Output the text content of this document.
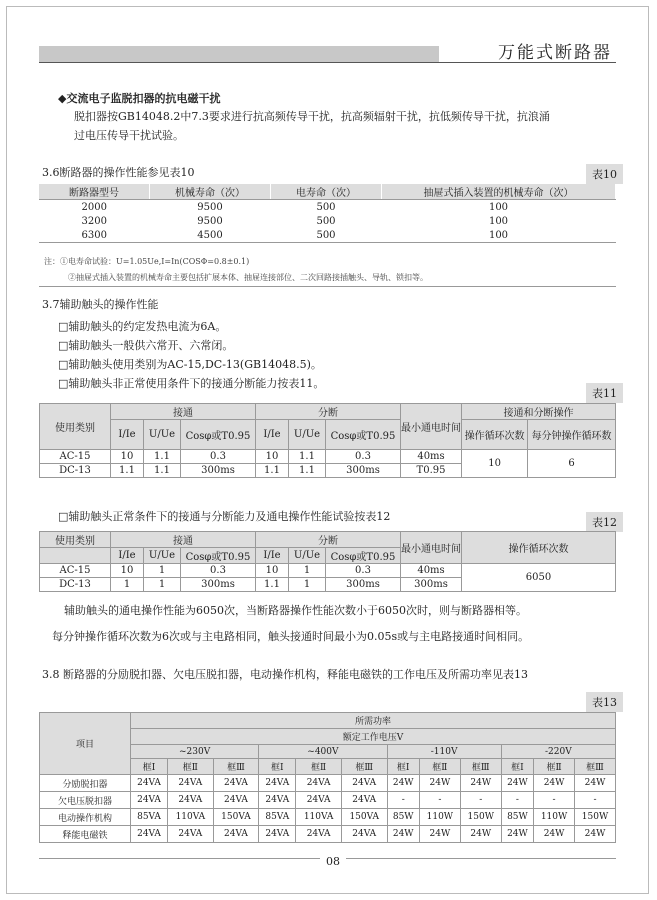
万能式断路器
◆交流电子监脱扣器的抗电磁干扰
脱扣器按GB14048.2中7.3要求进行抗高频传导干扰，抗高频辐射干扰，抗低频传导干扰，抗浪涌
过电压传导干扰试验。
3.6断路器的操作性能参见表10	表10
断路器型号	机械寿命（次）	电寿命（次）	抽屉式插入装置的机械寿命（次）
2000	9500	500	100
3200	9500	500	100
6300	4500	500	100
注：①电寿命试验：U=1.05Ue,I=In(COSΦ=0.8±0.1)
②抽屉式插入装置的机械寿命主要包括扩展本体、抽屉连接部位、二次回路接插触头、导轨、锁扣等。
3.7辅助触头的操作性能
□辅助触头的约定发热电流为6A。
□辅助触头一般供六常开、六常闭。
□辅助触头使用类别为AC-15,DC-13(GB14048.5)。
□辅助触头非正常使用条件下的接通分断能力按表11。
表11
使用类别	接通			分断			最小通电时间	接通和分断操作	
	I/Ie	U/Ue	Cosφ或T0.95	I/Ie	U/Ue	Cosφ或T0.95		操作循环次数	每分钟操作循环数
AC-15	10	1.1	0.3	10	1.1	0.3	40ms	10	6
DC-13	1.1	1.1	300ms	1.1	1.1	300ms	T0.95		
□辅助触头正常条件下的接通与分断能力及通电操作性能试验按表12	表12
使用类别	接通			分断			最小通电时间	操作循环次数
	I/Ie	U/Ue	Cosφ或T0.95	I/Ie	U/Ue	Cosφ或T0.95		
AC-15	10	1	0.3	10	1	0.3	40ms	6050
DC-13	1	1	300ms	1.1	1	300ms	300ms	
辅助触头的通电操作性能为6050次，当断路器操作性能次数小于6050次时，则与断路器相等。
每分钟操作循环次数为6次或与主电路相同，触头接通时间最小为0.05s或与主电路接通时间相同。
3.8 断路器的分励脱扣器、欠电压脱扣器，电动操作机构，释能电磁铁的工作电压及所需功率见表13
表13
项目	所需功率											
	额定工作电压V											
	~230V			~400V			-110V			-220V		
	框Ⅰ	框Ⅱ	框Ⅲ	框Ⅰ	框Ⅱ	框Ⅲ	框Ⅰ	框Ⅱ	框Ⅲ	框Ⅰ	框Ⅱ	框Ⅲ
分励脱扣器	24VA	24VA	24VA	24VA	24VA	24VA	24W	24W	24W	24W	24W	24W
欠电压脱扣器	24VA	24VA	24VA	24VA	24VA	24VA	-	-	-	-	-	-
电动操作机构	85VA	110VA	150VA	85VA	110VA	150VA	85W	110W	150W	85W	110W	150W
释能电磁铁	24VA	24VA	24VA	24VA	24VA	24VA	24W	24W	24W	24W	24W	24W
08
